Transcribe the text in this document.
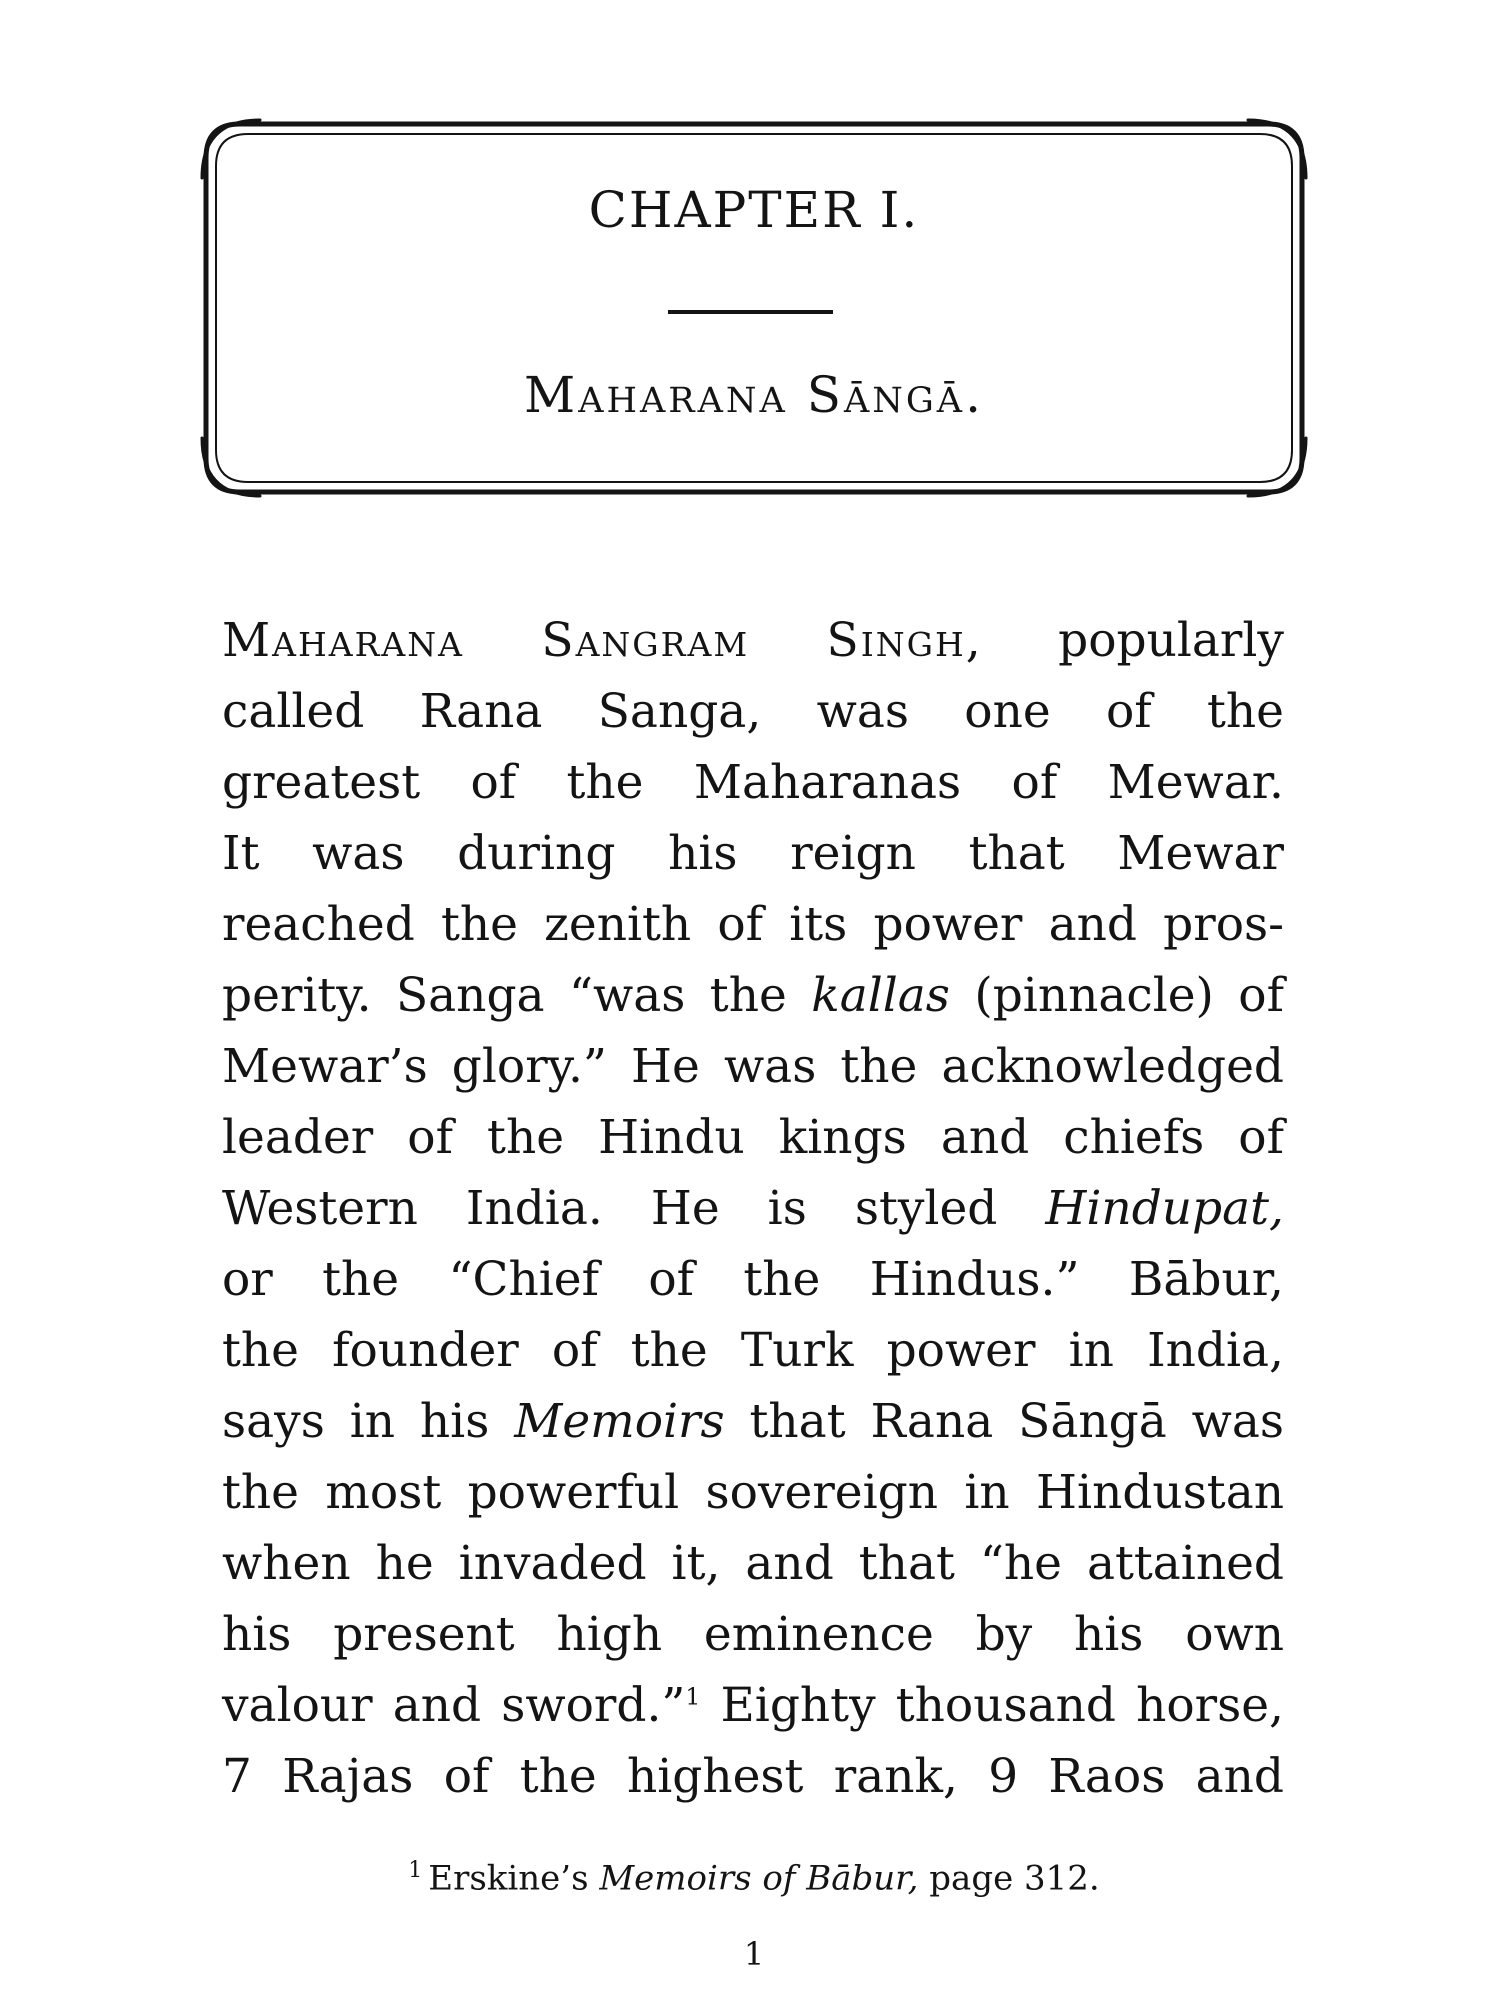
CHAPTER I.
Maharana Sāngā.
Maharana Sangram Singh, popularly
called Rana Sanga, was one of the
greatest of the Maharanas of Mewar.
It was during his reign that Mewar
reached the zenith of its power and pros-
perity. Sanga “was the kallas (pinnacle) of
Mewar’s glory.” He was the acknowledged
leader of the Hindu kings and chiefs of
Western India. He is styled Hindupat,
or the “Chief of the Hindus.” Bābur,
the founder of the Turk power in India,
says in his Memoirs that Rana Sāngā was
the most powerful sovereign in Hindustan
when he invaded it, and that “he attained
his present high eminence by his own
valour and sword.”$^1$ Eighty thousand horse,
7 Rajas of the highest rank, 9 Raos and
$^1$ Erskine’s Memoirs of Bābur, page 312.
1
